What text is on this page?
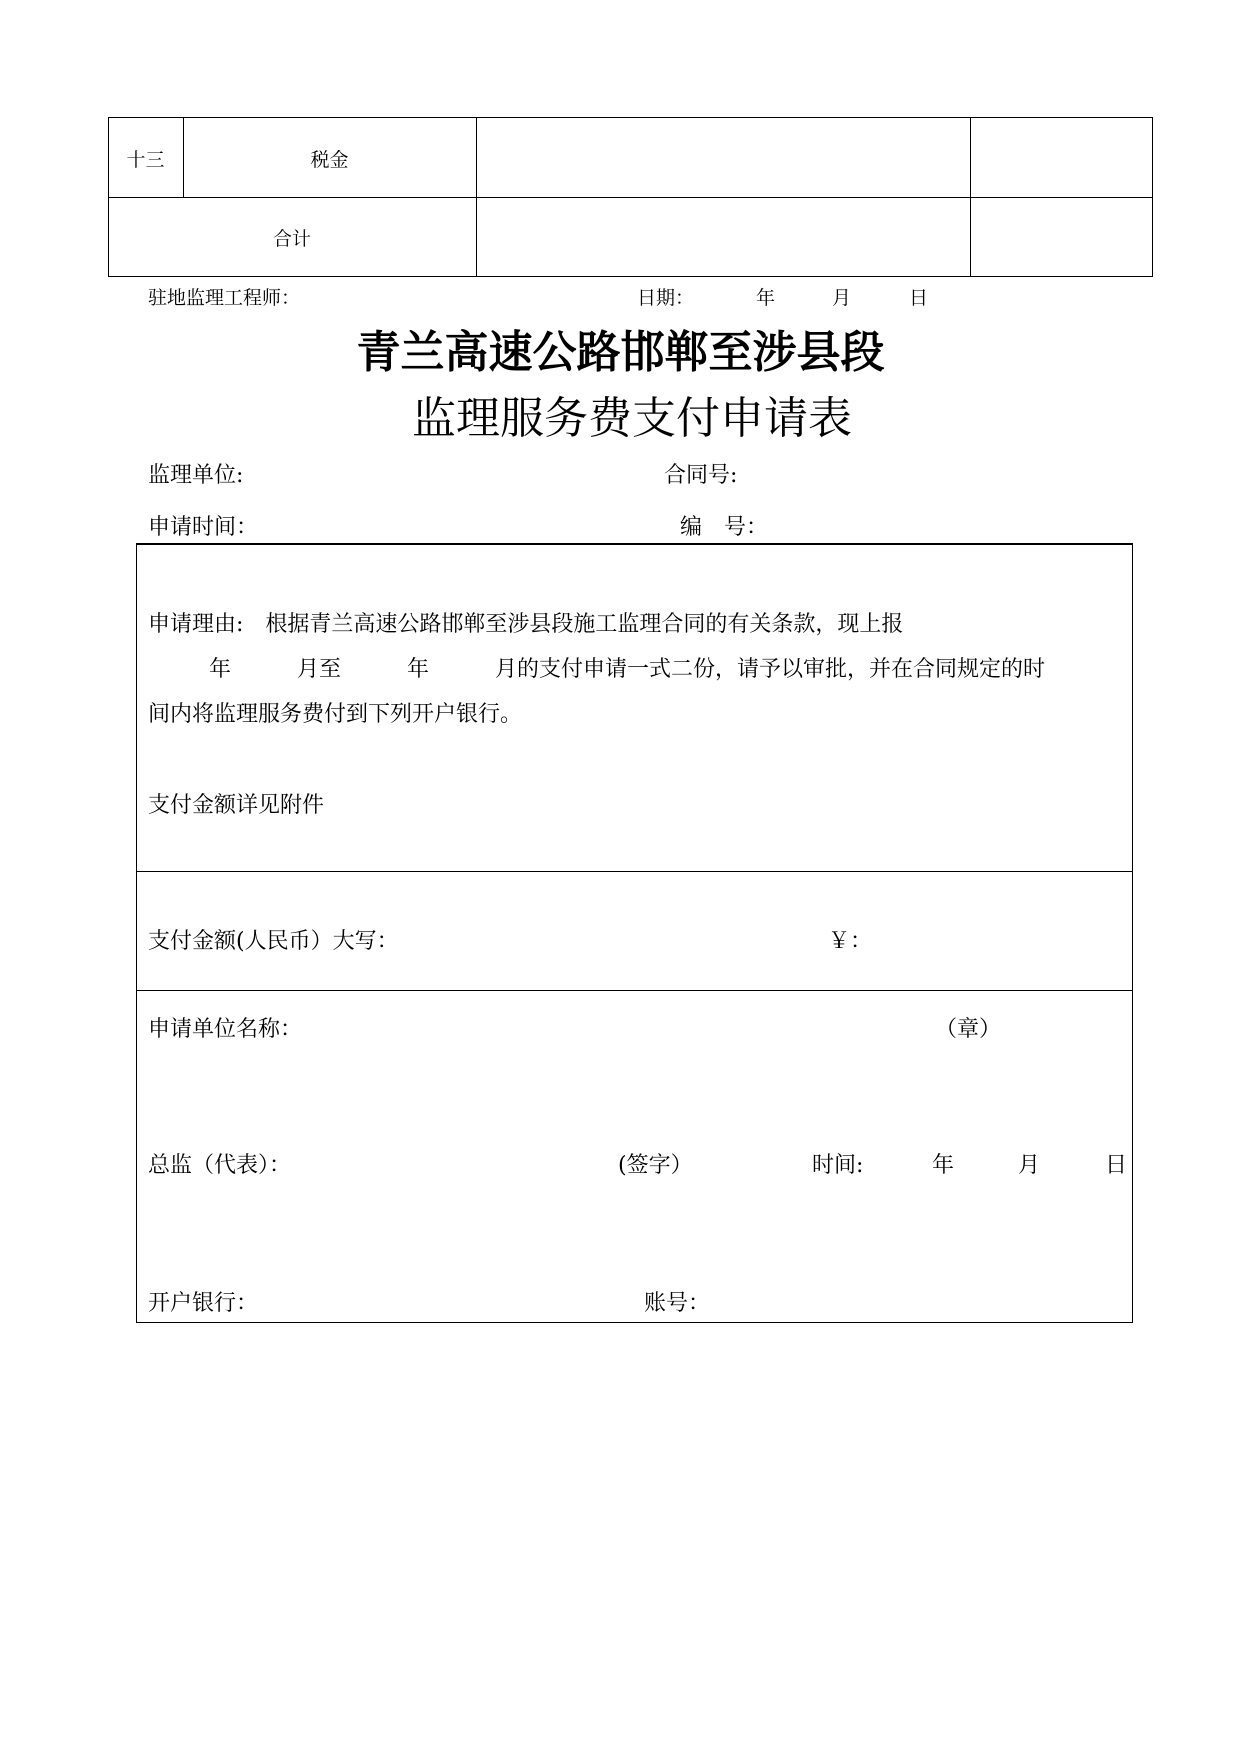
十三	税金
合计
驻地监理工程师：	日期：	年	月	日
青兰高速公路邯郸至涉县段
监理服务费支付申请表
监理单位:	合同号:
申请时间：	编　号：
申请理由:　根据青兰高速公路邯郸至涉县段施工监理合同的有关条款，现上报
年　　　月至　　　年　　　月的支付申请一式二份，请予以审批，并在合同规定的时
间内将监理服务费付到下列开户银行。
支付金额详见附件
支付金额(人民币）大写：	￥：
申请单位名称：	（章）
总监（代表）：	(签字）	时间:	年	月	日
开户银行：	账号：
